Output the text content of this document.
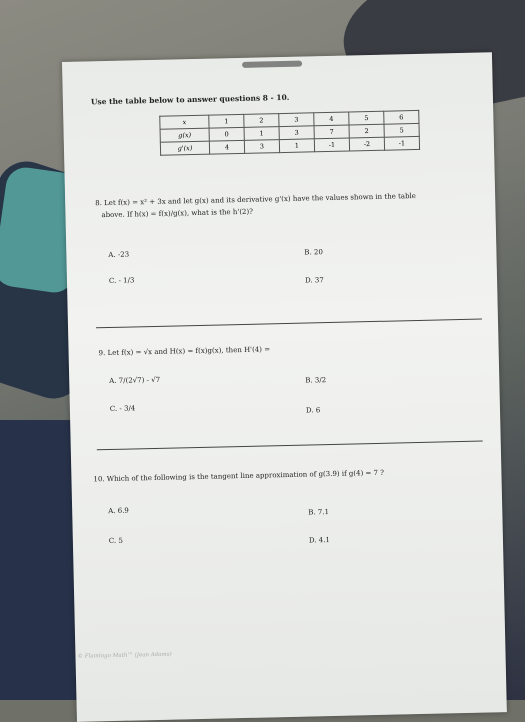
Use the table below to answer questions 8 - 10.
x	1	2	3	4	5	6
g(x)	0	1	3	7	2	5
g'(x)	4	3	1	-1	-2	-1
8. Let f(x) = x² + 3x and let g(x) and its derivative g'(x) have the values shown in the table
above. If h(x) = f(x)/g(x), what is the h'(2)?
A. -23	B. 20
C. - 1/3	D. 37
9. Let f(x) = √x and H(x) = f(x)g(x), then H'(4) =
A. 7/(2√7) - √7	B. 3/2
C. - 3/4	D. 6
10. Which of the following is the tangent line approximation of g(3.9) if g(4) = 7 ?
A. 6.9	B. 7.1
C. 5	D. 4.1
© Flamingo Math™ (Jean Adams)
